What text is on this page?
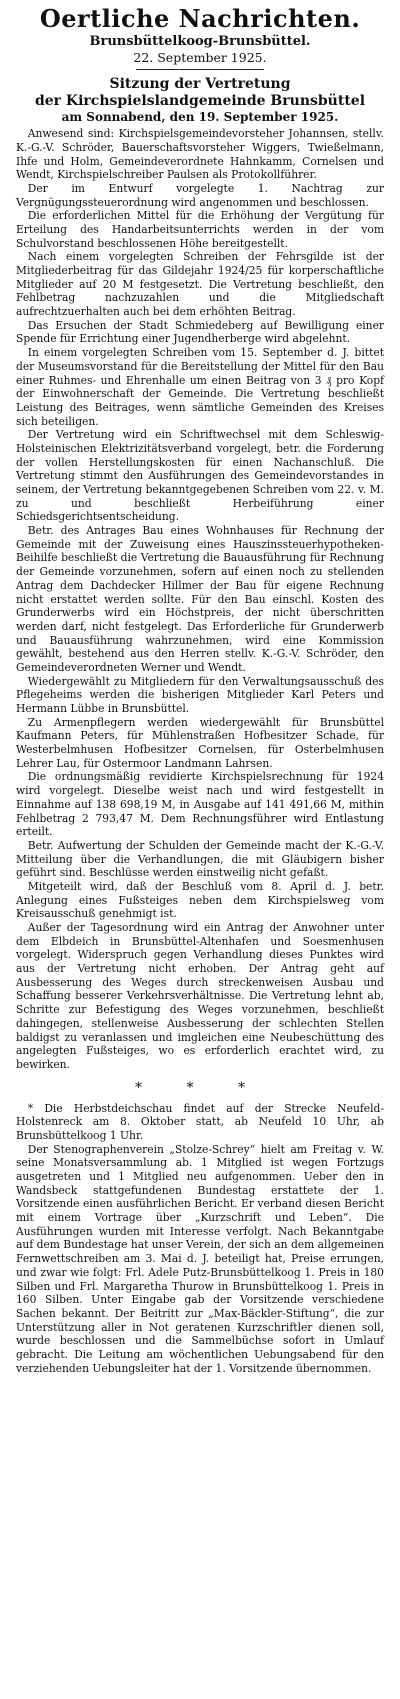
Oertliche Nachrichten.
Brunsbüttelkoog-Brunsbüttel.
22. September 1925.
Sitzung der Vertretung
der Kirchspielslandgemeinde Brunsbüttel
am Sonnabend, den 19. September 1925.

Anwesend sind: Kirchspielsgemeindevorsteher Johannsen, stellv. K.-G.-V. Schröder, Bauerschaftsvorsteher Wiggers, Twießelmann, Ihfe und Holm, Gemeindeverordnete Hahnkamm, Cornelsen und Wendt, Kirchspielschreiber Paulsen als Protokollführer.

Der im Entwurf vorgelegte 1. Nachtrag zur Vergnügungssteuerordnung wird angenommen und beschlossen.

Die erforderlichen Mittel für die Erhöhung der Vergütung für Erteilung des Handarbeitsunterrichts werden in der vom Schulvorstand beschlossenen Höhe bereitgestellt.

Nach einem vorgelegten Schreiben der Fehrsgilde ist der Mitgliederbeitrag für das Gildejahr 1924/25 für korperschaftliche Mitglieder auf 20 M festgesetzt. Die Vertretung beschließt, den Fehlbetrag nachzuzahlen und die Mitgliedschaft aufrechtzuerhalten auch bei dem erhöhten Beitrag.

Das Ersuchen der Stadt Schmiedeberg auf Bewilligung einer Spende für Errichtung einer Jugendherberge wird abgelehnt.

In einem vorgelegten Schreiben vom 15. September d. J. bittet der Museumsvorstand für die Bereitstellung der Mittel für den Bau einer Ruhmes- und Ehrenhalle um einen Beitrag von 3 ₰ pro Kopf der Einwohnerschaft der Gemeinde. Die Vertretung beschließt Leistung des Beitrages, wenn sämtliche Gemeinden des Kreises sich beteiligen.

Der Vertretung wird ein Schriftwechsel mit dem Schleswig-Holsteinischen Elektrizitätsverband vorgelegt, betr. die Forderung der vollen Herstellungskosten für einen Nachanschluß. Die Vertretung stimmt den Ausführungen des Gemeindevorstandes in seinem, der Vertretung bekanntgegebenen Schreiben vom 22. v. M. zu und beschließt Herbeiführung einer Schiedsgerichtsentscheidung.

Betr. des Antrages Bau eines Wohnhauses für Rechnung der Gemeinde mit der Zuweisung eines Hauszinssteuerhypotheken-Beihilfe beschließt die Vertretung die Bauausführung für Rechnung der Gemeinde vorzunehmen, sofern auf einen noch zu stellenden Antrag dem Dachdecker Hillmer der Bau für eigene Rechnung nicht erstattet werden sollte. Für den Bau einschl. Kosten des Grunderwerbs wird ein Höchstpreis, der nicht überschritten werden darf, nicht festgelegt. Das Erforderliche für Grunderwerb und Bauausführung wahrzunehmen, wird eine Kommission gewählt, bestehend aus den Herren stellv. K.-G.-V. Schröder, den Gemeindeverordneten Werner und Wendt.

Wiedergewählt zu Mitgliedern für den Verwaltungsausschuß des Pflegeheims werden die bisherigen Mitglieder Karl Peters und Hermann Lübbe in Brunsbüttel.

Zu Armenpflegern werden wiedergewählt für Brunsbüttel Kaufmann Peters, für Mühlenstraßen Hofbesitzer Schade, für Westerbelmhusen Hofbesitzer Cornelsen, für Osterbelmhusen Lehrer Lau, für Ostermoor Landmann Lahrsen.

Die ordnungsmäßig revidierte Kirchspielsrechnung für 1924 wird vorgelegt. Dieselbe weist nach und wird festgestellt in Einnahme auf 138 698,19 M, in Ausgabe auf 141 491,66 M, mithin Fehlbetrag 2 793,47 M. Dem Rechnungsführer wird Entlastung erteilt.

Betr. Aufwertung der Schulden der Gemeinde macht der K.-G.-V. Mitteilung über die Verhandlungen, die mit Gläubigern bisher geführt sind. Beschlüsse werden einstweilig nicht gefaßt.

Mitgeteilt wird, daß der Beschluß vom 8. April d. J. betr. Anlegung eines Fußsteiges neben dem Kirchspielsweg vom Kreisausschuß genehmigt ist.

Außer der Tagesordnung wird ein Antrag der Anwohner unter dem Elbdeich in Brunsbüttel-Altenhafen und Soesmenhusen vorgelegt. Widerspruch gegen Verhandlung dieses Punktes wird aus der Vertretung nicht erhoben. Der Antrag geht auf Ausbesserung des Weges durch streckenweisen Ausbau und Schaffung besserer Verkehrsverhältnisse. Die Vertretung lehnt ab, Schritte zur Befestigung des Weges vorzunehmen, beschließt dahingegen, stellenweise Ausbesserung der schlechten Stellen baldigst zu veranlassen und imgleichen eine Neubeschüttung des angelegten Fußsteiges, wo es erforderlich erachtet wird, zu bewirken.

* * *

* Die Herbstdeichschau findet auf der Strecke Neufeld-Holstenreck am 8. Oktober statt, ab Neufeld 10 Uhr, ab Brunsbüttelkoog 1 Uhr.

Der Stenographenverein „Stolze-Schrey“ hielt am Freitag v. W. seine Monatsversammlung ab. 1 Mitglied ist wegen Fortzugs ausgetreten und 1 Mitglied neu aufgenommen. Ueber den in Wandsbeck stattgefundenen Bundestag erstattete der 1. Vorsitzende einen ausführlichen Bericht. Er verband diesen Bericht mit einem Vortrage über „Kurzschrift und Leben“. Die Ausführungen wurden mit Interesse verfolgt. Nach Bekanntgabe auf dem Bundestage hat unser Verein, der sich an dem allgemeinen Fernwettschreiben am 3. Mai d. J. beteiligt hat, Preise errungen, und zwar wie folgt: Frl. Adele Putz-Brunsbüttelkoog 1. Preis in 180 Silben und Frl. Margaretha Thurow in Brunsbüttelkoog 1. Preis in 160 Silben. Unter Eingabe gab der Vorsitzende verschiedene Sachen bekannt. Der Beitritt zur „Max-Bäckler-Stiftung“, die zur Unterstützung aller in Not geratenen Kurzschriftler dienen soll, wurde beschlossen und die Sammelbüchse sofort in Umlauf gebracht. Die Leitung am wöchentlichen Uebungsabend für den verziehenden Uebungsleiter hat der 1. Vorsitzende übernommen.
